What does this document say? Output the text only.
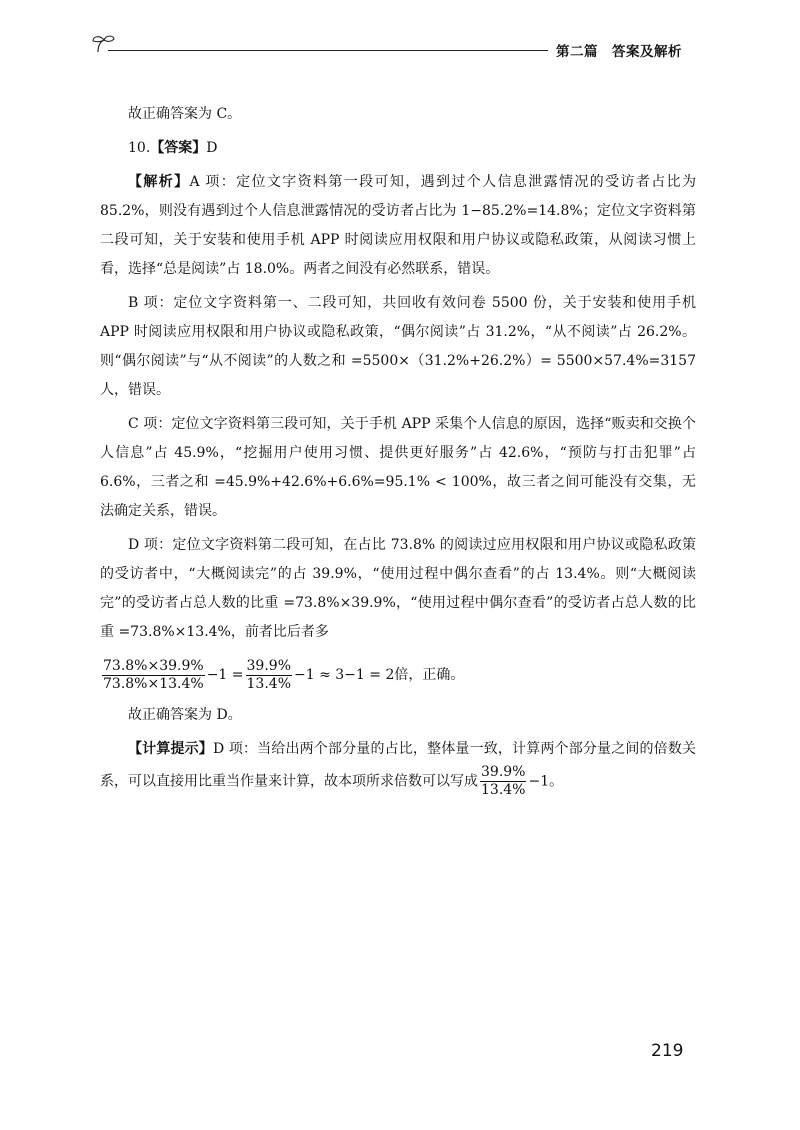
第二篇　答案及解析

故正确答案为 C。

10.【答案】D

【解析】A 项：定位文字资料第一段可知，遇到过个人信息泄露情况的受访者占比为 85.2%，则没有遇到过个人信息泄露情况的受访者占比为 1−85.2%=14.8%；定位文字资料第二段可知，关于安装和使用手机 APP 时阅读应用权限和用户协议或隐私政策，从阅读习惯上看，选择“总是阅读”占 18.0%。两者之间没有必然联系，错误。

B 项：定位文字资料第一、二段可知，共回收有效问卷 5500 份，关于安装和使用手机 APP 时阅读应用权限和用户协议或隐私政策，“偶尔阅读”占 31.2%，“从不阅读”占 26.2%。则“偶尔阅读”与“从不阅读”的人数之和 =5500×（31.2%+26.2%）= 5500×57.4%=3157 人，错误。

C 项：定位文字资料第三段可知，关于手机 APP 采集个人信息的原因，选择“贩卖和交换个人信息”占 45.9%，“挖掘用户使用习惯、提供更好服务”占 42.6%，“预防与打击犯罪”占 6.6%，三者之和 =45.9%+42.6%+6.6%=95.1% < 100%，故三者之间可能没有交集，无法确定关系，错误。

D 项：定位文字资料第二段可知，在占比 73.8% 的阅读过应用权限和用户协议或隐私政策的受访者中，“大概阅读完”的占 39.9%，“使用过程中偶尔查看”的占 13.4%。则“大概阅读完”的受访者占总人数的比重 =73.8%×39.9%，“使用过程中偶尔查看”的受访者占总人数的比重 =73.8%×13.4%，前者比后者多

$\frac{73.8\%\times 39.9\%}{73.8\%\times 13.4\%} -1 = \frac{39.9\%}{13.4\%} -1 \approx 3-1 = 2$倍，正确。

故正确答案为 D。

【计算提示】D 项：当给出两个部分量的占比，整体量一致，计算两个部分量之间的倍数关系，可以直接用比重当作量来计算，故本项所求倍数可以写成 $\frac{39.9\%}{13.4\%} -1$。

219
